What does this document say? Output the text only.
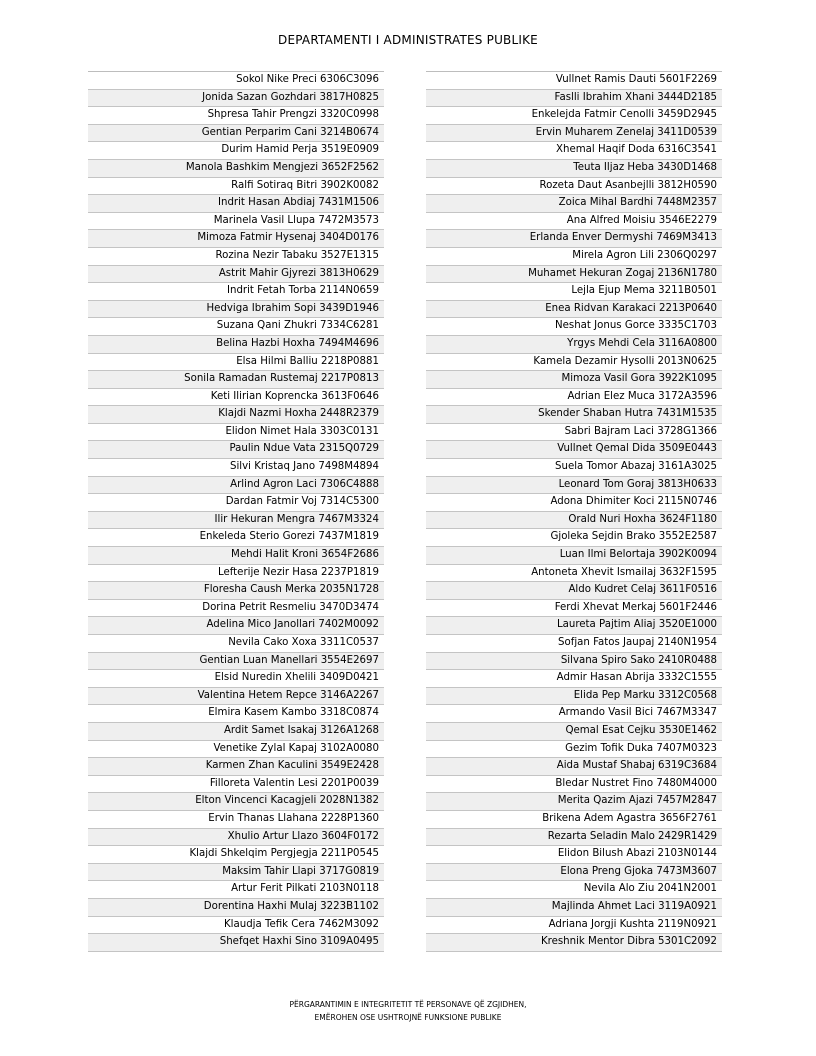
DEPARTAMENTI I ADMINISTRATES PUBLIKE
Sokol Nike Preci 6306C3096
Jonida Sazan Gozhdari 3817H0825
Shpresa Tahir Prengzi 3320C0998
Gentian Perparim Cani 3214B0674
Durim Hamid Perja 3519E0909
Manola Bashkim Mengjezi 3652F2562
Ralfi Sotiraq Bitri 3902K0082
Indrit Hasan Abdiaj 7431M1506
Marinela Vasil Llupa 7472M3573
Mimoza Fatmir Hysenaj 3404D0176
Rozina Nezir Tabaku 3527E1315
Astrit Mahir Gjyrezi 3813H0629
Indrit Fetah Torba 2114N0659
Hedviga Ibrahim Sopi 3439D1946
Suzana Qani Zhukri 7334C6281
Belina Hazbi Hoxha 7494M4696
Elsa Hilmi Balliu 2218P0881
Sonila Ramadan Rustemaj 2217P0813
Keti Ilirian Koprencka 3613F0646
Klajdi Nazmi Hoxha 2448R2379
Elidon Nimet Hala 3303C0131
Paulin Ndue Vata 2315Q0729
Silvi Kristaq Jano 7498M4894
Arlind Agron Laci 7306C4888
Dardan Fatmir Voj 7314C5300
Ilir Hekuran Mengra 7467M3324
Enkeleda Sterio Gorezi 7437M1819
Mehdi Halit Kroni 3654F2686
Lefterije Nezir Hasa 2237P1819
Floresha Caush Merka 2035N1728
Dorina Petrit Resmeliu 3470D3474
Adelina Mico Janollari 7402M0092
Nevila Cako Xoxa 3311C0537
Gentian Luan Manellari 3554E2697
Elsid Nuredin Xhelili 3409D0421
Valentina Hetem Repce 3146A2267
Elmira Kasem Kambo 3318C0874
Ardit Samet Isakaj 3126A1268
Venetike Zylal Kapaj 3102A0080
Karmen Zhan Kaculini 3549E2428
Filloreta Valentin Lesi 2201P0039
Elton Vincenci Kacagjeli 2028N1382
Ervin Thanas Llahana 2228P1360
Xhulio Artur Llazo 3604F0172
Klajdi Shkelqim Pergjegja 2211P0545
Maksim Tahir Llapi 3717G0819
Artur Ferit Pilkati 2103N0118
Dorentina Haxhi Mulaj 3223B1102
Klaudja Tefik Cera 7462M3092
Shefqet Haxhi Sino 3109A0495
Vullnet Ramis Dauti 5601F2269
Faslli Ibrahim Xhani 3444D2185
Enkelejda Fatmir Cenolli 3459D2945
Ervin Muharem Zenelaj 3411D0539
Xhemal Haqif Doda 6316C3541
Teuta Iljaz Heba 3430D1468
Rozeta Daut Asanbejlli 3812H0590
Zoica Mihal Bardhi 7448M2357
Ana Alfred Moisiu 3546E2279
Erlanda Enver Dermyshi 7469M3413
Mirela Agron Lili 2306Q0297
Muhamet Hekuran Zogaj 2136N1780
Lejla Ejup Mema 3211B0501
Enea Ridvan Karakaci 2213P0640
Neshat Jonus Gorce 3335C1703
Yrgys Mehdi Cela 3116A0800
Kamela Dezamir Hysolli 2013N0625
Mimoza Vasil Gora 3922K1095
Adrian Elez Muca 3172A3596
Skender Shaban Hutra 7431M1535
Sabri Bajram Laci 3728G1366
Vullnet Qemal Dida 3509E0443
Suela Tomor Abazaj 3161A3025
Leonard Tom Goraj 3813H0633
Adona Dhimiter Koci 2115N0746
Orald Nuri Hoxha 3624F1180
Gjoleka Sejdin Brako 3552E2587
Luan Ilmi Belortaja 3902K0094
Antoneta Xhevit Ismailaj 3632F1595
Aldo Kudret Celaj 3611F0516
Ferdi Xhevat Merkaj 5601F2446
Laureta Pajtim Aliaj 3520E1000
Sofjan Fatos Jaupaj 2140N1954
Silvana Spiro Sako 2410R0488
Admir Hasan Abrija 3332C1555
Elida Pep Marku 3312C0568
Armando Vasil Bici 7467M3347
Qemal Esat Cejku 3530E1462
Gezim Tofik Duka 7407M0323
Aida Mustaf Shabaj 6319C3684
Bledar Nustret Fino 7480M4000
Merita Qazim Ajazi 7457M2847
Brikena Adem Agastra 3656F2761
Rezarta Seladin Malo 2429R1429
Elidon Bilush Abazi 2103N0144
Elona Preng Gjoka 7473M3607
Nevila Alo Ziu 2041N2001
Majlinda Ahmet Laci 3119A0921
Adriana Jorgji Kushta 2119N0921
Kreshnik Mentor Dibra 5301C2092
PËRGARANTIMIN E INTEGRITETIT TË PERSONAVE QË ZGJIDHEN,
EMËROHEN OSE USHTROJNË FUNKSIONE PUBLIKE
